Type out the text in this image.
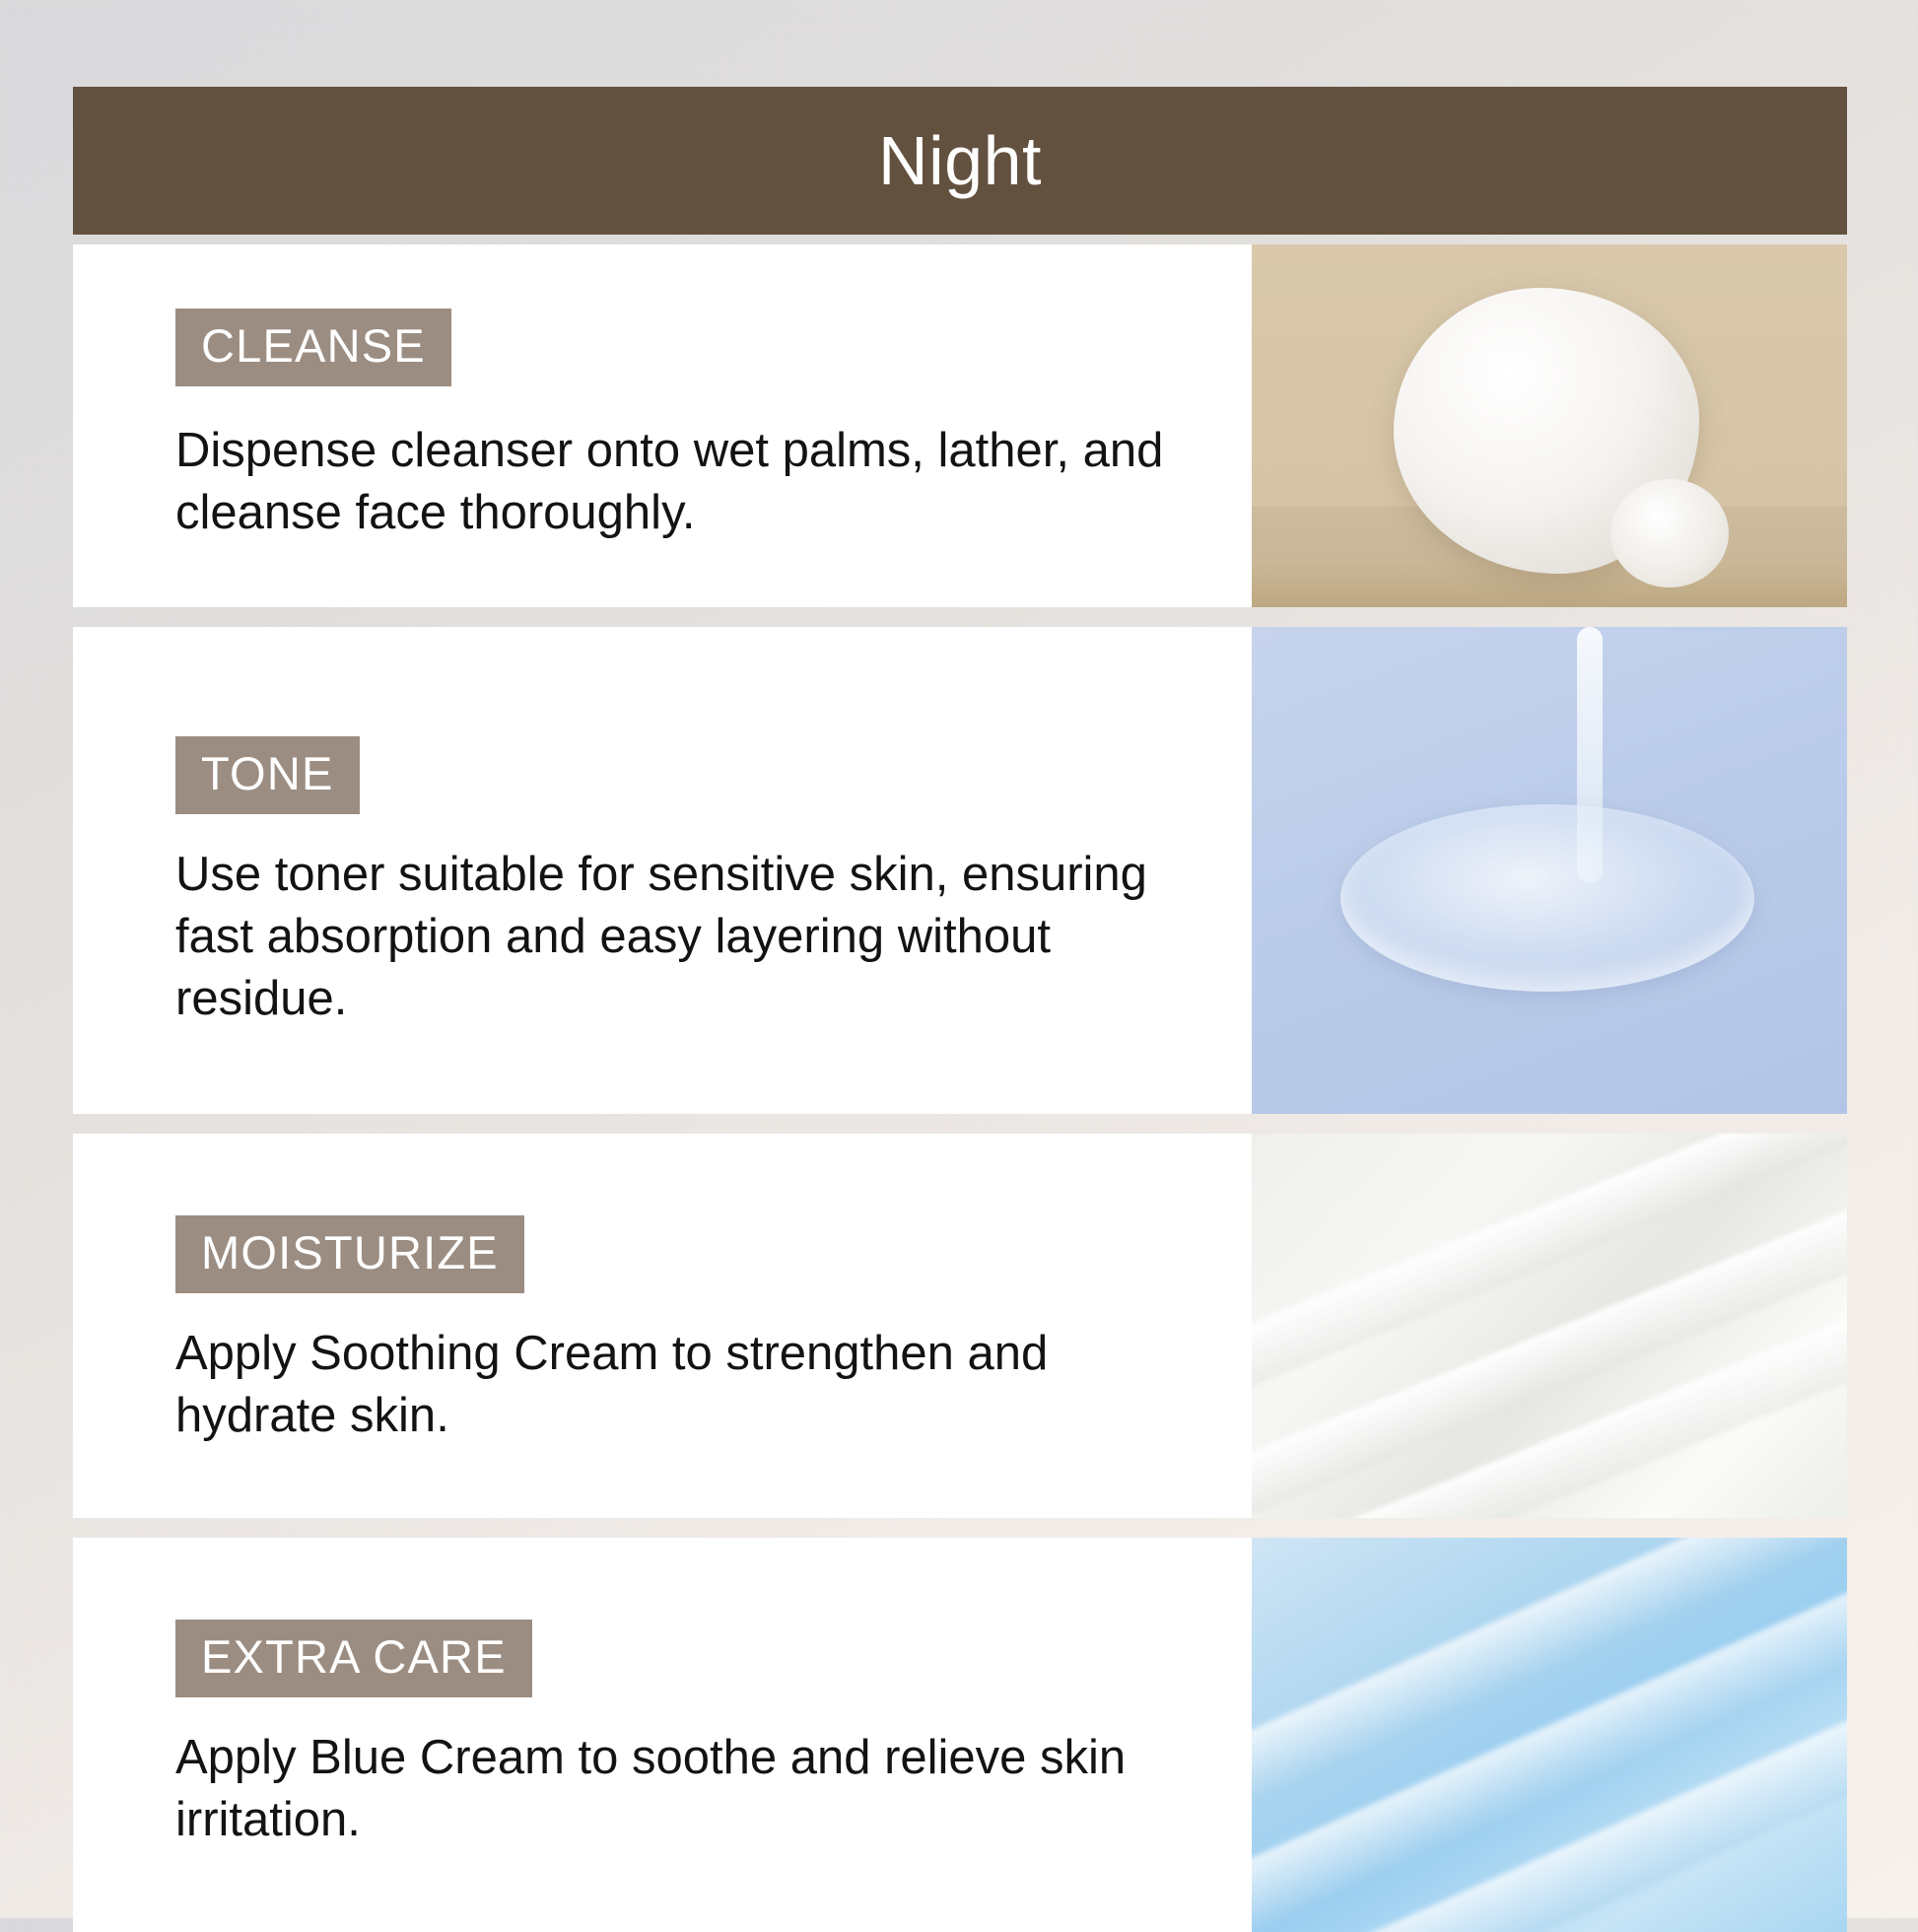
Night
CLEANSE
Dispense cleanser onto wet palms, lather, and cleanse face thoroughly.
TONE
Use toner suitable for sensitive skin, ensuring fast absorption and easy layering without residue.
MOISTURIZE
Apply Soothing Cream to strengthen and hydrate skin.
EXTRA CARE
Apply Blue Cream to soothe and relieve skin irritation.
